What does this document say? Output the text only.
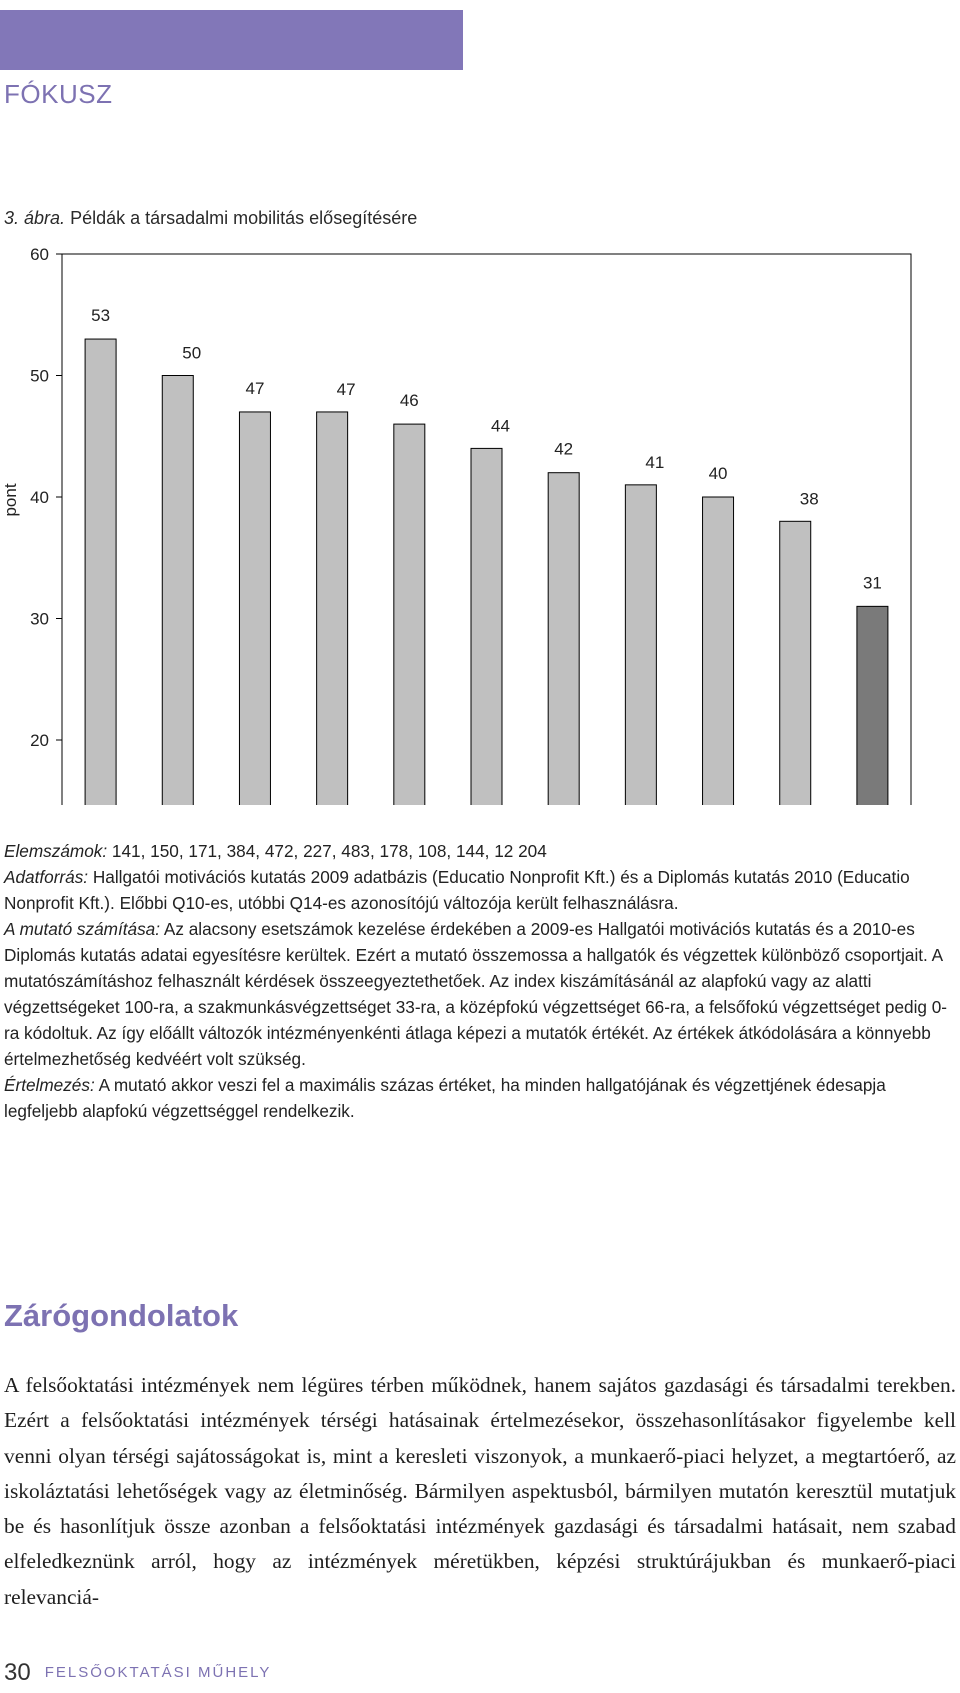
FÓKUSZ
3. ábra. Példák a társadalmi mobilitás elősegítésére
20
30
40
50
60
53
50
47	47
46
44
42
41
40
38
31
pont

Elemszámok: 141, 150, 171, 384, 472, 227, 483, 178, 108, 144, 12 204

Adatforrás: Hallgatói motivációs kutatás 2009 adatbázis (Educatio Nonprofit Kft.) és a Diplomás kutatás 2010 (Educatio Nonprofit Kft.). Előbbi Q10-es, utóbbi Q14-es azonosítójú változója került felhasználásra.

A mutató számítása: Az alacsony esetszámok kezelése érdekében a 2009-es Hallgatói motivációs kutatás és a 2010-es Diplomás kutatás adatai egyesítésre kerültek. Ezért a mutató összemossa a hallgatók és végzettek különböző csoportjait. A mutatószámításhoz felhasznált kérdések összeegyeztethetőek. Az index kiszámításánál az alapfokú vagy az alatti végzettségeket 100-ra, a szakmunkásvégzettséget 33-ra, a középfokú végzettséget 66-ra, a felsőfokú végzettséget pedig 0-ra kódoltuk. Az így előállt változók intézményenkénti átlaga képezi a mutatók értékét. Az értékek átkódolására a könnyebb értelmezhetőség kedvéért volt szükség.

Értelmezés: A mutató akkor veszi fel a maximális százas értéket, ha minden hallgatójának és végzettjének édesapja legfeljebb alapfokú végzettséggel rendelkezik.

Zárógondolatok
A felsőoktatási intézmények nem légüres térben működnek, hanem sajátos gazdasági és társadalmi terekben. Ezért a felsőoktatási intézmények térségi hatásainak értelmezésekor, összehasonlításakor figyelembe kell venni olyan térségi sajátosságokat is, mint a keresleti viszonyok, a munkaerő-piaci helyzet, a megtartóerő, az iskoláztatási lehetőségek vagy az életminőség. Bármilyen aspektusból, bármilyen mutatón keresztül mutatjuk be és hasonlítjuk össze azonban a felsőoktatási intézmények gazdasági és társadalmi hatásait, nem szabad elfeledkeznünk arról, hogy az intézmények méretükben, képzési struktúrájukban és munkaerő-piaci relevanciá-
30 FELSŐOKTATÁSI MŰHELY
